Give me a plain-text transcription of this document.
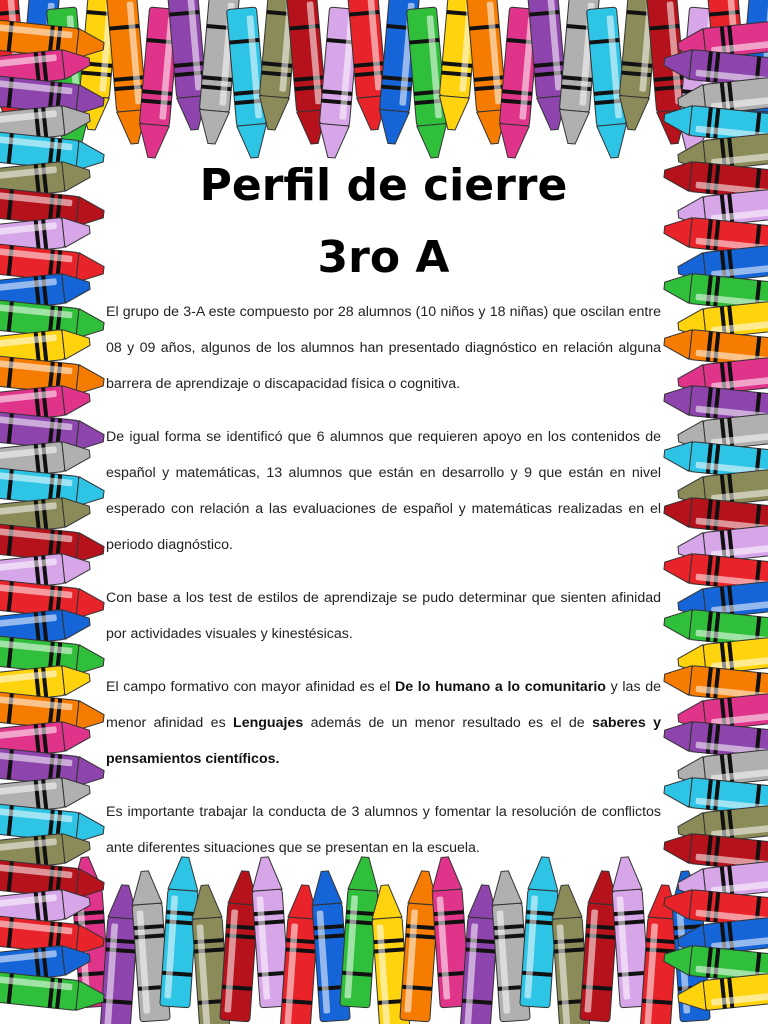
Perfil de cierre
3ro A

El grupo de 3-A este compuesto por 28 alumnos (10 niños y 18 niñas) que oscilan entre 08 y 09 años, algunos de los alumnos han presentado diagnóstico en relación alguna barrera de aprendizaje o discapacidad física o cognitiva.

De igual forma se identificó que 6 alumnos que requieren apoyo en los contenidos de español y matemáticas, 13 alumnos que están en desarrollo y 9 que están en nivel esperado con relación a las evaluaciones de español y matemáticas realizadas en el periodo diagnóstico.

Con base a los test de estilos de aprendizaje se pudo determinar que sienten afinidad por actividades visuales y kinestésicas.

El campo formativo con mayor afinidad es el De lo humano a lo comunitario y las de menor afinidad es Lenguajes además de un menor resultado es el de saberes y pensamientos científicos.

Es importante trabajar la conducta de 3 alumnos y fomentar la resolución de conflictos ante diferentes situaciones que se presentan en la escuela.
